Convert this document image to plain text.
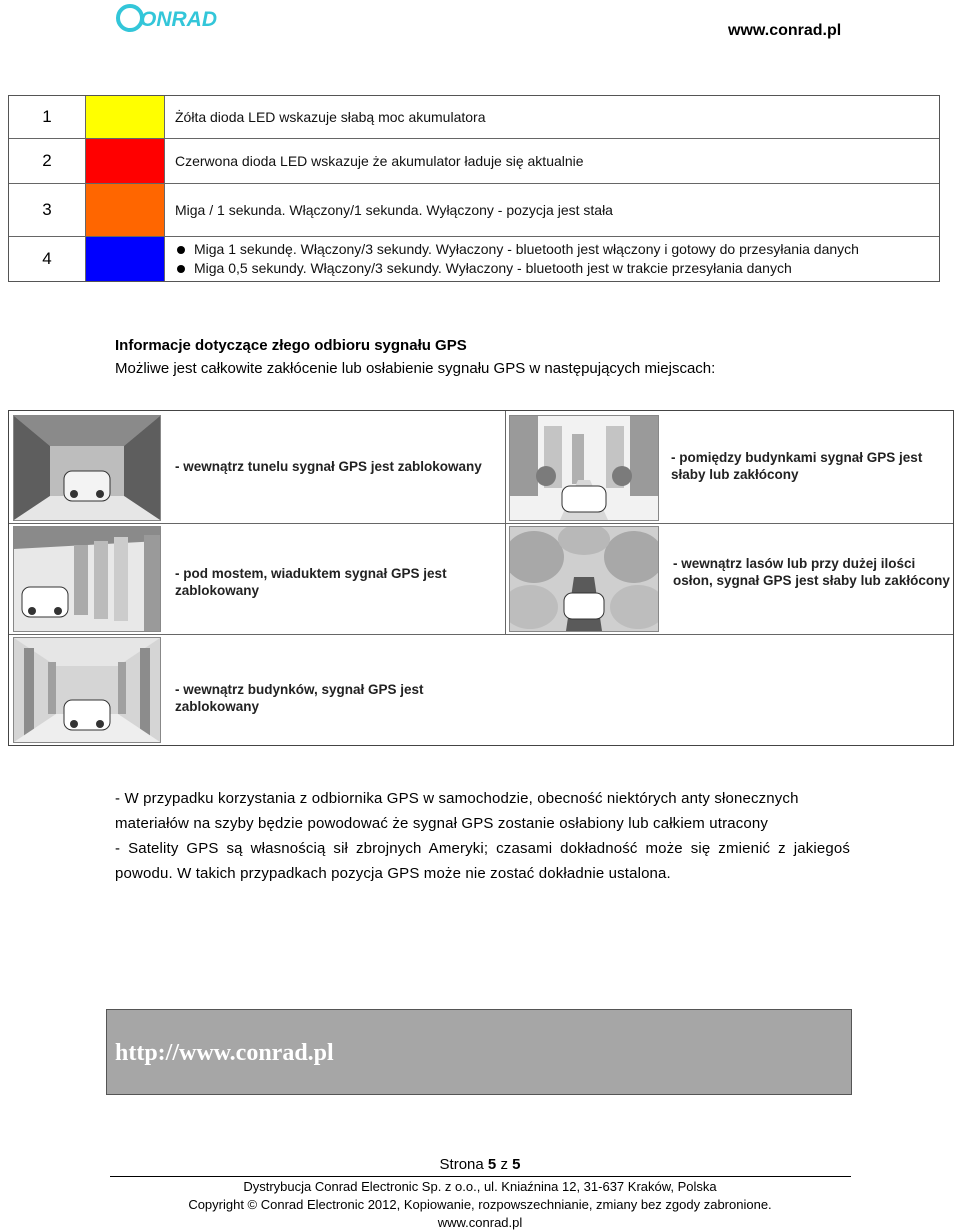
ONRAD	www.conrad.pl
1	Żółta dioda LED wskazuje słabą moc akumulatora
2	Czerwona dioda LED wskazuje że akumulator ładuje się aktualnie
3	Miga / 1 sekunda. Włączony/1 sekunda. Wyłączony - pozycja jest stała
4	Miga 1 sekundę. Włączony/3 sekundy. Wyłaczony - bluetooth jest włączony i gotowy do przesyłania danych
Miga 0,5 sekundy. Włączony/3 sekundy. Wyłaczony - bluetooth jest w trakcie przesyłania danych
Informacje dotyczące złego odbioru sygnału GPS
Możliwe jest całkowite zakłócenie lub osłabienie sygnału GPS w następujących miejscach:
- wewnątrz tunelu sygnał GPS jest zablokowany
- pomiędzy budynkami sygnał GPS jest
słaby lub zakłócony
- pod mostem, wiaduktem sygnał GPS jest
zablokowany
- wewnątrz lasów lub przy dużej ilości
osłon, sygnał GPS jest słaby lub zakłócony
- wewnątrz budynków, sygnał GPS jest
zablokowany

- W przypadku korzystania z odbiornika GPS w samochodzie, obecność niektórych anty słonecznych

materiałów na szyby będzie powodować że sygnał GPS zostanie osłabiony lub całkiem utracony

- Satelity GPS są własnością sił zbrojnych Ameryki; czasami dokładność może się zmienić z jakiegoś

powodu. W takich przypadkach pozycja GPS może nie zostać dokładnie ustalona.

http://www.conrad.pl
Strona 5 z 5
Dystrybucja Conrad Electronic Sp. z o.o., ul. Kniaźnina 12, 31-637 Kraków, Polska
Copyright © Conrad Electronic 2012, Kopiowanie, rozpowszechnianie, zmiany bez zgody zabronione.
www.conrad.pl
